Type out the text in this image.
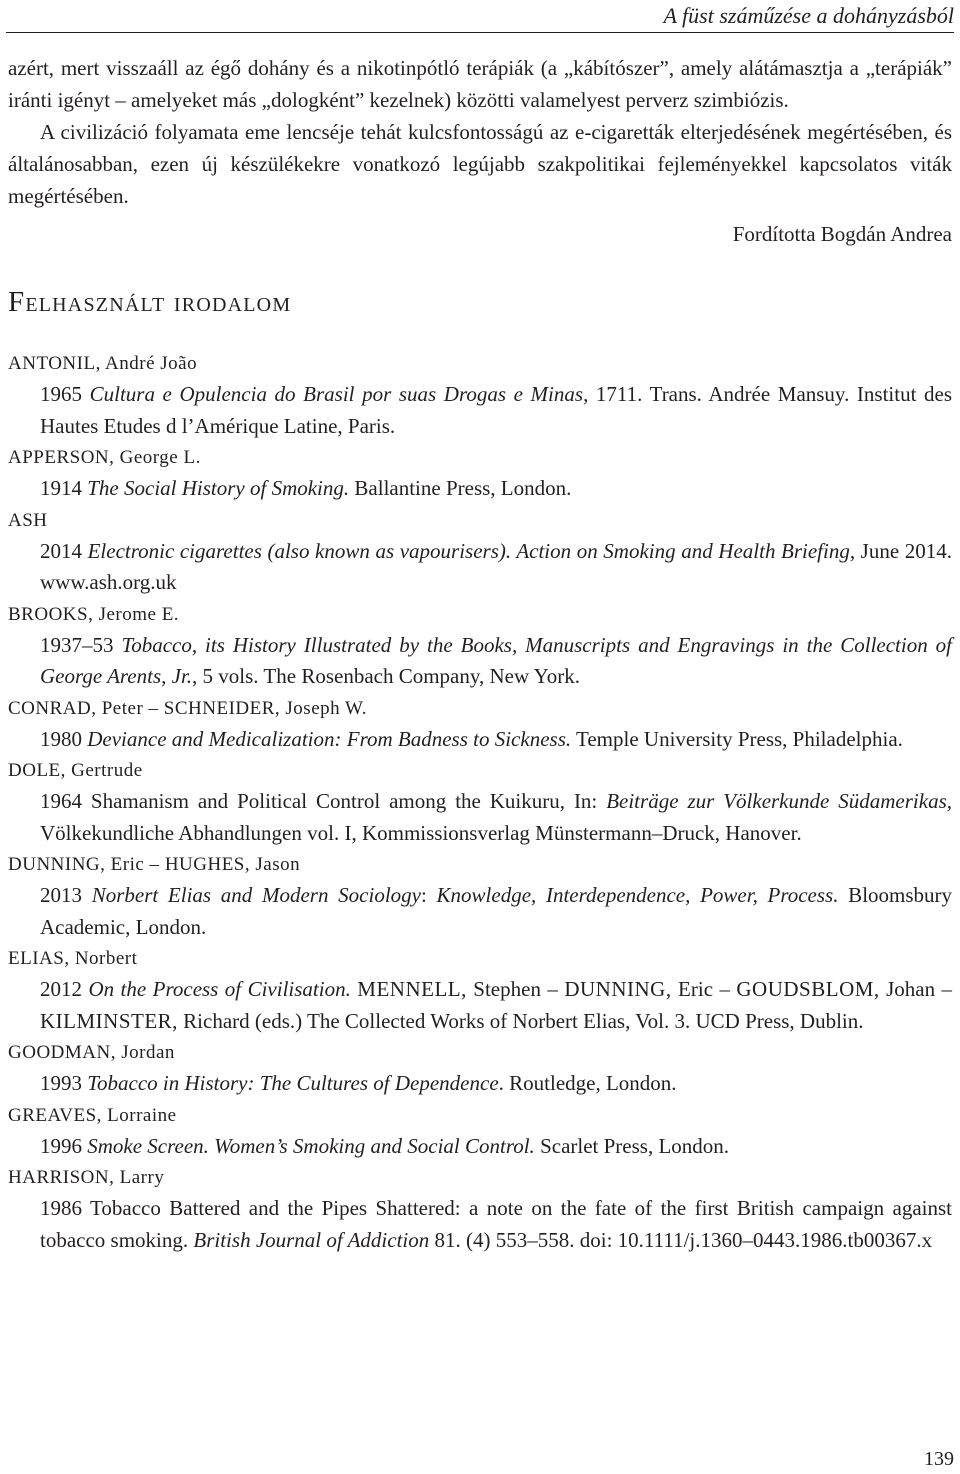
A füst száműzése a dohányzásból

azért, mert visszaáll az égő dohány és a nikotinpótló terápiák (a „kábítószer”, amely alátámasztja a „terápiák” iránti igényt – amelyeket más „dologként” kezelnek) közötti valamelyest perverz szimbiózis.

A civilizáció folyamata eme lencséje tehát kulcsfontosságú az e-cigaretták elterjedésének megértésében, és általánosabban, ezen új készülékekre vonatkozó legújabb szakpolitikai fejleményekkel kapcsolatos viták megértésében.

Fordította Bogdán Andrea

Felhasznált irodalom

ANTONIL, André João

1965 Cultura e Opulencia do Brasil por suas Drogas e Minas, 1711. Trans. Andrée Mansuy. Institut des Hautes Etudes d l’Amérique Latine, Paris.

APPERSON, George L.

1914 The Social History of Smoking. Ballantine Press, London.

ASH

2014 Electronic cigarettes (also known as vapourisers). Action on Smoking and Health Briefing, June 2014. www.ash.org.uk

BROOKS, Jerome E.

1937–53 Tobacco, its History Illustrated by the Books, Manuscripts and Engravings in the Collection of George Arents, Jr., 5 vols. The Rosenbach Company, New York.

CONRAD, Peter – SCHNEIDER, Joseph W.

1980 Deviance and Medicalization: From Badness to Sickness. Temple University Press, Philadelphia.

DOLE, Gertrude

1964 Shamanism and Political Control among the Kuikuru, In: Beiträge zur Völkerkunde Südamerikas, Völkekundliche Abhandlungen vol. I, Kommissionsverlag Münstermann–Druck, Hanover.

DUNNING, Eric – HUGHES, Jason

2013 Norbert Elias and Modern Sociology: Knowledge, Interdependence, Power, Process. Bloomsbury Academic, London.

ELIAS, Norbert

2012 On the Process of Civilisation. MENNELL, Stephen – DUNNING, Eric – GOUDSBLOM, Johan – KILMINSTER, Richard (eds.) The Collected Works of Norbert Elias, Vol. 3. UCD Press, Dublin.

GOODMAN, Jordan

1993 Tobacco in History: The Cultures of Dependence. Routledge, London.

GREAVES, Lorraine

1996 Smoke Screen. Women’s Smoking and Social Control. Scarlet Press, London.

HARRISON, Larry

1986 Tobacco Battered and the Pipes Shattered: a note on the fate of the first British campaign against tobacco smoking. British Journal of Addiction 81. (4) 553–558. doi: 10.1111/j.1360–0443.1986.tb00367.x

139
